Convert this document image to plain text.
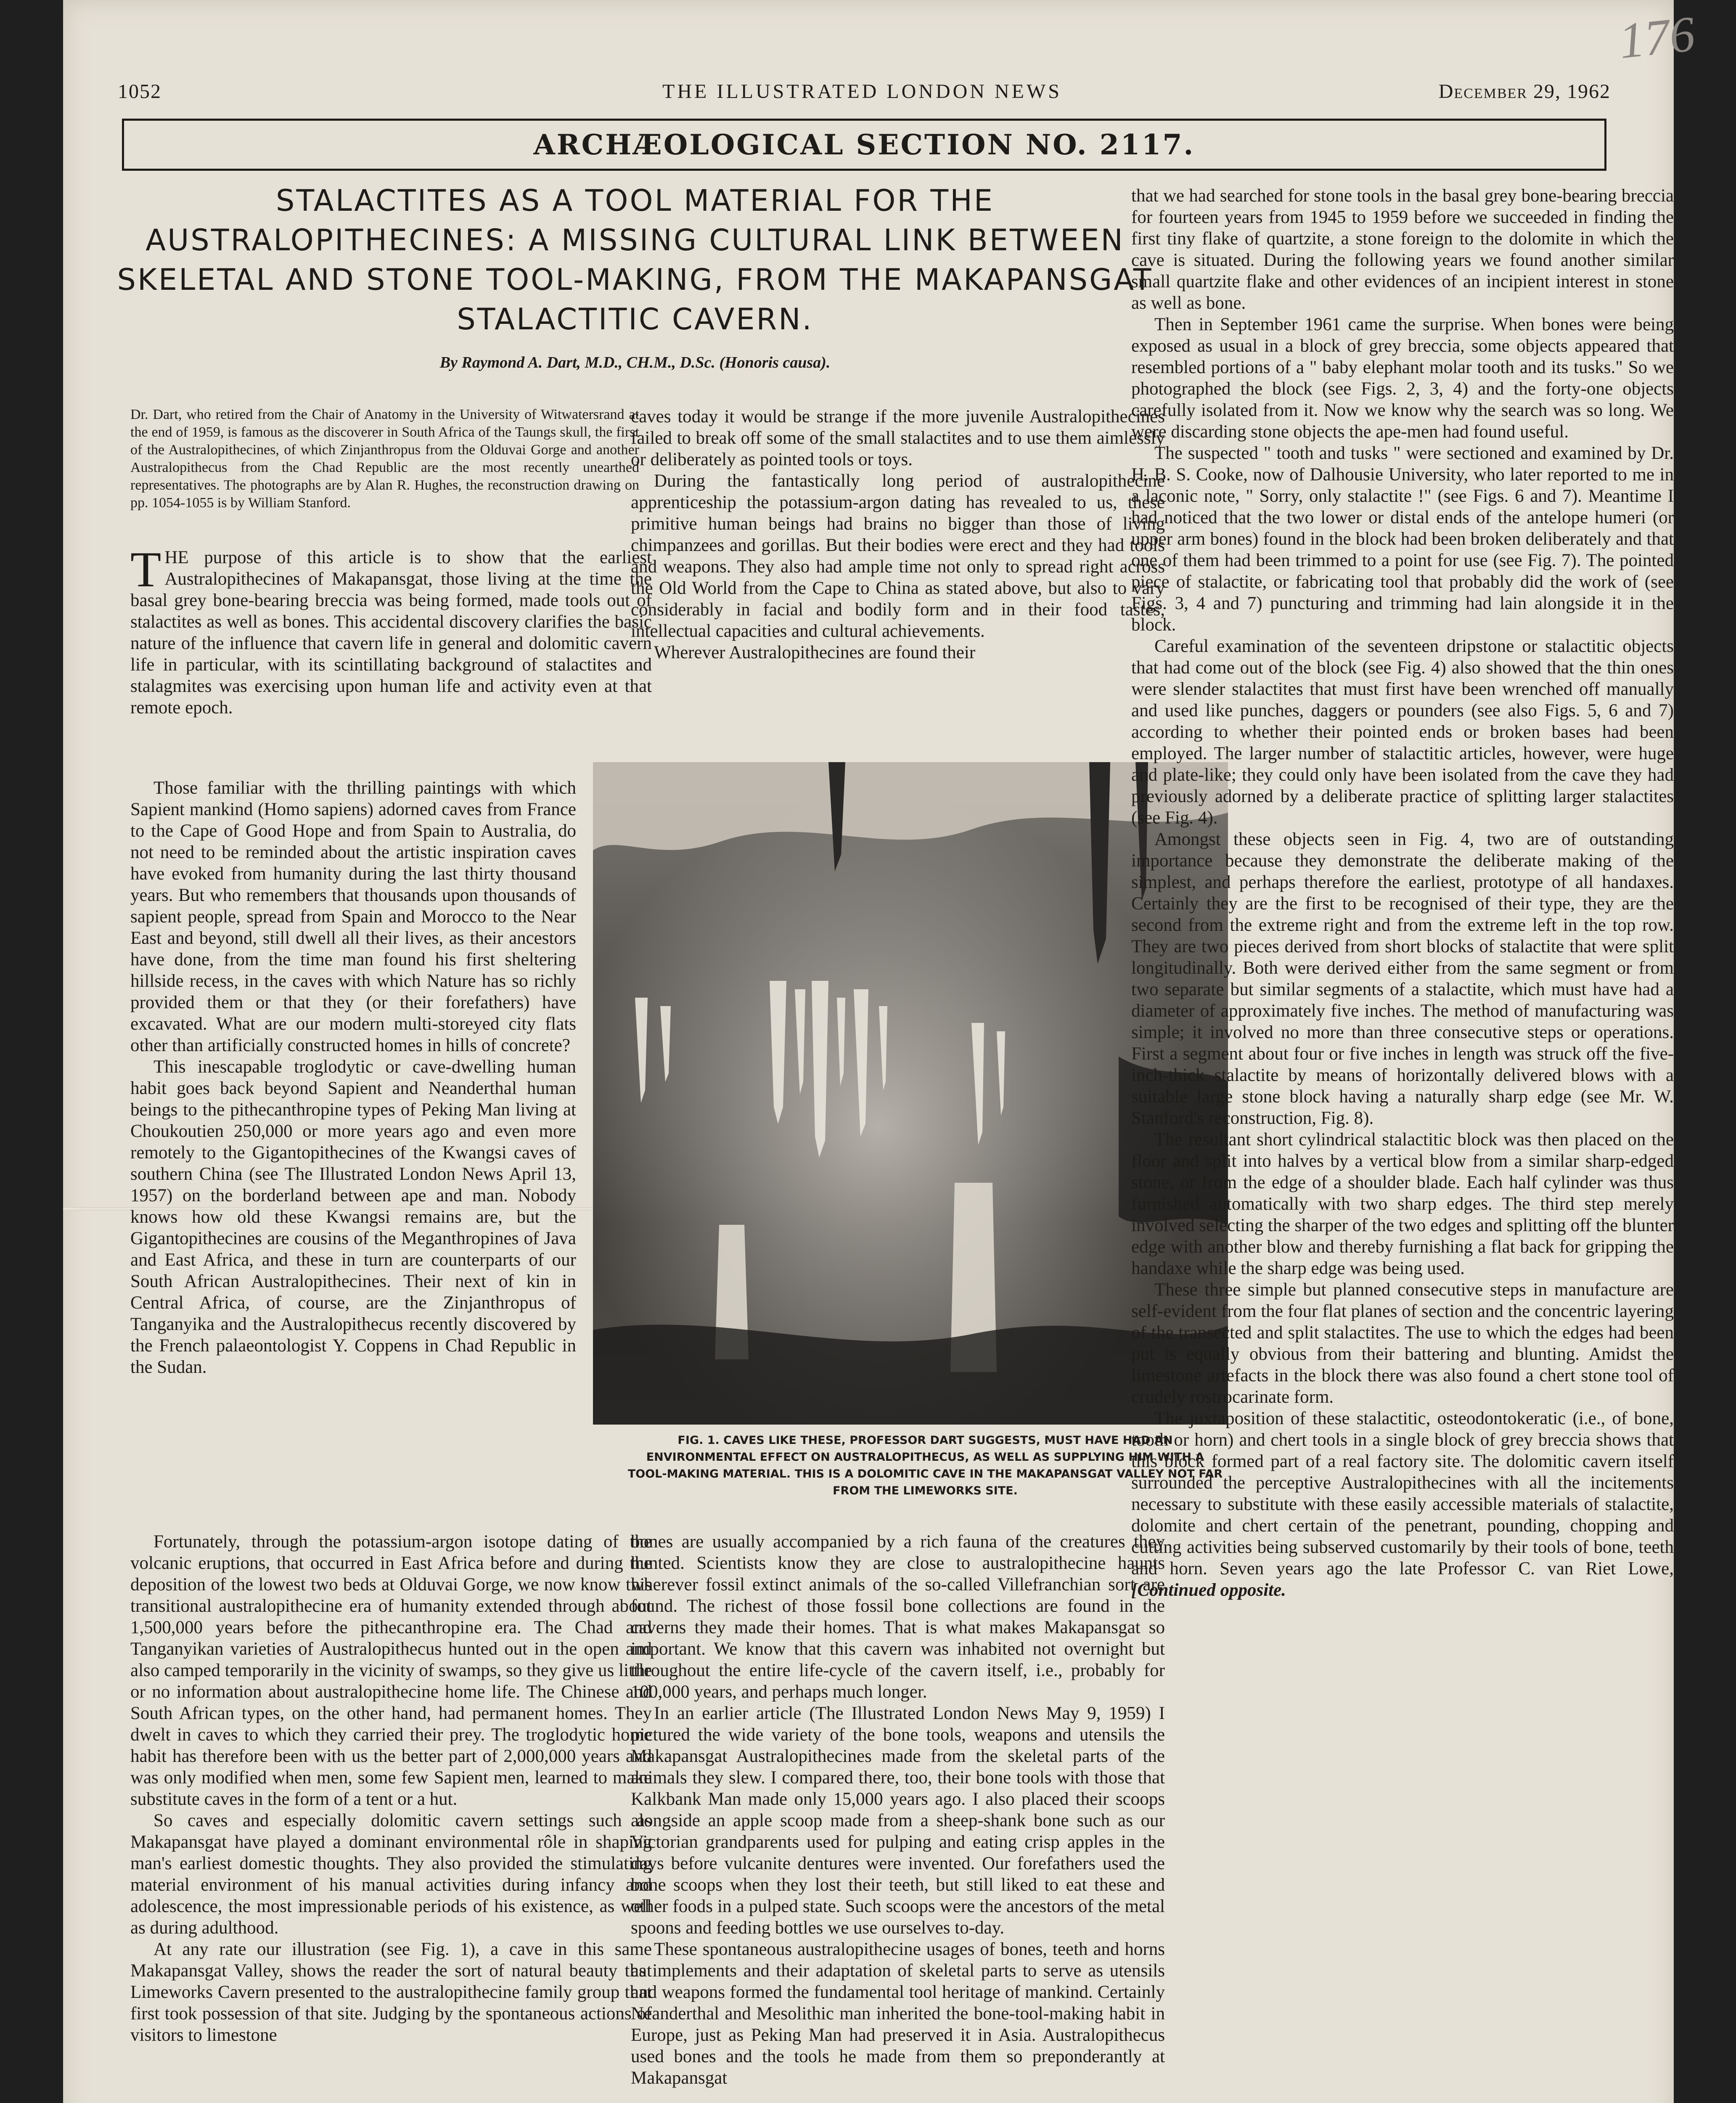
176
1052	THE ILLUSTRATED LONDON NEWS	December 29, 1962
ARCHÆOLOGICAL SECTION NO. 2117.
STALACTITES AS A TOOL MATERIAL FOR THE AUSTRALOPITHECINES: A MISSING CULTURAL LINK BETWEEN SKELETAL AND STONE TOOL-MAKING, FROM THE MAKAPANSGAT STALACTITIC CAVERN.
By Raymond A. Dart, M.D., CH.M., D.Sc. (Honoris causa).

Dr. Dart, who retired from the Chair of Anatomy in the University of Witwatersrand at the end of 1959, is famous as the discoverer in South Africa of the Taungs skull, the first of the Australopithecines, of which Zinjanthropus from the Olduvai Gorge and another Australopithecus from the Chad Republic are the most recently unearthed representatives. The photographs are by Alan R. Hughes, the reconstruction drawing on pp. 1054-1055 is by William Stanford.

THE purpose of this article is to show that the earliest Australopithecines of Makapansgat, those living at the time the basal grey bone-bearing breccia was being formed, made tools out of stalactites as well as bones. This accidental discovery clarifies the basic nature of the influence that cavern life in general and dolomitic cavern life in particular, with its scintillating background of stalactites and stalagmites was exercising upon human life and activity even at that remote epoch.

Those familiar with the thrilling paintings with which Sapient mankind (Homo sapiens) adorned caves from France to the Cape of Good Hope and from Spain to Australia, do not need to be reminded about the artistic inspiration caves have evoked from humanity during the last thirty thousand years. But who remembers that thousands upon thousands of sapient people, spread from Spain and Morocco to the Near East and beyond, still dwell all their lives, as their ancestors have done, from the time man found his first sheltering hillside recess, in the caves with which Nature has so richly provided them or that they (or their forefathers) have excavated. What are our modern multi-storeyed city flats other than artificially constructed homes in hills of concrete?

This inescapable troglodytic or cave-dwelling human habit goes back beyond Sapient and Neanderthal human beings to the pithecanthropine types of Peking Man living at Choukoutien 250,000 or more years ago and even more remotely to the Gigantopithecines of the Kwangsi caves of southern China (see The Illustrated London News April 13, 1957) on the borderland between ape and man. Nobody knows how old these Kwangsi remains are, but the Gigantopithecines are cousins of the Meganthropines of Java and East Africa, and these in turn are counterparts of our South African Australopithecines. Their next of kin in Central Africa, of course, are the Zinjanthropus of Tanganyika and the Australopithecus recently discovered by the French palaeontologist Y. Coppens in Chad Republic in the Sudan.

Fortunately, through the potassium-argon isotope dating of the volcanic eruptions, that occurred in East Africa before and during the deposition of the lowest two beds at Olduvai Gorge, we now know this transitional australopithecine era of humanity extended through about 1,500,000 years before the pithecanthropine era. The Chad and Tanganyikan varieties of Australopithecus hunted out in the open and also camped temporarily in the vicinity of swamps, so they give us little or no information about australopithecine home life. The Chinese and South African types, on the other hand, had permanent homes. They dwelt in caves to which they carried their prey. The troglodytic home habit has therefore been with us the better part of 2,000,000 years and was only modified when men, some few Sapient men, learned to make substitute caves in the form of a tent or a hut.

So caves and especially dolomitic cavern settings such as Makapansgat have played a dominant environmental rôle in shaping man's earliest domestic thoughts. They also provided the stimulating material environment of his manual activities during infancy and adolescence, the most impressionable periods of his existence, as well as during adulthood.

At any rate our illustration (see Fig. 1), a cave in this same Makapansgat Valley, shows the reader the sort of natural beauty that Limeworks Cavern presented to the australopithecine family group that first took possession of that site. Judging by the spontaneous actions of visitors to limestone

caves today it would be strange if the more juvenile Australopithecines failed to break off some of the small stalactites and to use them aimlessly or deliberately as pointed tools or toys.

During the fantastically long period of australopithecine apprenticeship the potassium-argon dating has revealed to us, these primitive human beings had brains no bigger than those of living chimpanzees and gorillas. But their bodies were erect and they had tools and weapons. They also had ample time not only to spread right across the Old World from the Cape to China as stated above, but also to vary considerably in facial and bodily form and in their food tastes, intellectual capacities and cultural achievements.

Wherever Australopithecines are found their

FIG. 1. CAVES LIKE THESE, PROFESSOR DART SUGGESTS, MUST HAVE HAD AN ENVIRONMENTAL EFFECT ON AUSTRALOPITHECUS, AS WELL AS SUPPLYING HIM WITH A TOOL-MAKING MATERIAL. THIS IS A DOLOMITIC CAVE IN THE MAKAPANSGAT VALLEY NOT FAR FROM THE LIMEWORKS SITE.

bones are usually accompanied by a rich fauna of the creatures they hunted. Scientists know they are close to australopithecine haunts wherever fossil extinct animals of the so-called Villefranchian sort are found. The richest of those fossil bone collections are found in the caverns they made their homes. That is what makes Makapansgat so important. We know that this cavern was inhabited not overnight but throughout the entire life-cycle of the cavern itself, i.e., probably for 100,000 years, and perhaps much longer.

In an earlier article (The Illustrated London News May 9, 1959) I pictured the wide variety of the bone tools, weapons and utensils the Makapansgat Australopithecines made from the skeletal parts of the animals they slew. I compared there, too, their bone tools with those that Kalkbank Man made only 15,000 years ago. I also placed their scoops alongside an apple scoop made from a sheep-shank bone such as our Victorian grandparents used for pulping and eating crisp apples in the days before vulcanite dentures were invented. Our forefathers used the bone scoops when they lost their teeth, but still liked to eat these and other foods in a pulped state. Such scoops were the ancestors of the metal spoons and feeding bottles we use ourselves to-day.

These spontaneous australopithecine usages of bones, teeth and horns as implements and their adaptation of skeletal parts to serve as utensils and weapons formed the fundamental tool heritage of mankind. Certainly Neanderthal and Mesolithic man inherited the bone-tool-making habit in Europe, just as Peking Man had preserved it in Asia. Australopithecus used bones and the tools he made from them so preponderantly at Makapansgat

that we had searched for stone tools in the basal grey bone-bearing breccia for fourteen years from 1945 to 1959 before we succeeded in finding the first tiny flake of quartzite, a stone foreign to the dolomite in which the cave is situated. During the following years we found another similar small quartzite flake and other evidences of an incipient interest in stone as well as bone.

Then in September 1961 came the surprise. When bones were being exposed as usual in a block of grey breccia, some objects appeared that resembled portions of a " baby elephant molar tooth and its tusks." So we photographed the block (see Figs. 2, 3, 4) and the forty-one objects carefully isolated from it. Now we know why the search was so long. We were discarding stone objects the ape-men had found useful.

The suspected " tooth and tusks " were sectioned and examined by Dr. H. B. S. Cooke, now of Dalhousie University, who later reported to me in a laconic note, " Sorry, only stalactite !" (see Figs. 6 and 7). Meantime I had noticed that the two lower or distal ends of the antelope humeri (or upper arm bones) found in the block had been broken deliberately and that one of them had been trimmed to a point for use (see Fig. 7). The pointed piece of stalactite, or fabricating tool that probably did the work of (see Figs. 3, 4 and 7) puncturing and trimming had lain alongside it in the block.

Careful examination of the seventeen dripstone or stalactitic objects that had come out of the block (see Fig. 4) also showed that the thin ones were slender stalactites that must first have been wrenched off manually and used like punches, daggers or pounders (see also Figs. 5, 6 and 7) according to whether their pointed ends or broken bases had been employed. The larger number of stalactitic articles, however, were huge and plate-like; they could only have been isolated from the cave they had previously adorned by a deliberate practice of splitting larger stalactites (see Fig. 4).

Amongst these objects seen in Fig. 4, two are of outstanding importance because they demonstrate the deliberate making of the simplest, and perhaps therefore the earliest, prototype of all handaxes. Certainly they are the first to be recognised of their type, they are the second from the extreme right and from the extreme left in the top row. They are two pieces derived from short blocks of stalactite that were split longitudinally. Both were derived either from the same segment or from two separate but similar segments of a stalactite, which must have had a diameter of approximately five inches. The method of manufacturing was simple; it involved no more than three consecutive steps or operations. First a segment about four or five inches in length was struck off the five-inch-thick stalactite by means of horizontally delivered blows with a suitable large stone block having a naturally sharp edge (see Mr. W. Stanford's reconstruction, Fig. 8).

The resultant short cylindrical stalactitic block was then placed on the floor and split into halves by a vertical blow from a similar sharp-edged stone, or from the edge of a shoulder blade. Each half cylinder was thus furnished automatically with two sharp edges. The third step merely involved selecting the sharper of the two edges and splitting off the blunter edge with another blow and thereby furnishing a flat back for gripping the handaxe while the sharp edge was being used.

These three simple but planned consecutive steps in manufacture are self-evident from the four flat planes of section and the concentric layering of the transected and split stalactites. The use to which the edges had been put is equally obvious from their battering and blunting. Amidst the limestone artefacts in the block there was also found a chert stone tool of crudely rostrocarinate form.

The juxtaposition of these stalactitic, osteodontokeratic (i.e., of bone, tooth or horn) and chert tools in a single block of grey breccia shows that this block formed part of a real factory site. The dolomitic cavern itself surrounded the perceptive Australopithecines with all the incitements necessary to substitute with these easily accessible materials of stalactite, dolomite and chert certain of the penetrant, pounding, chopping and cutting activities being subserved customarily by their tools of bone, teeth and horn. Seven years ago the late Professor C. van Riet Lowe, [Continued opposite.
